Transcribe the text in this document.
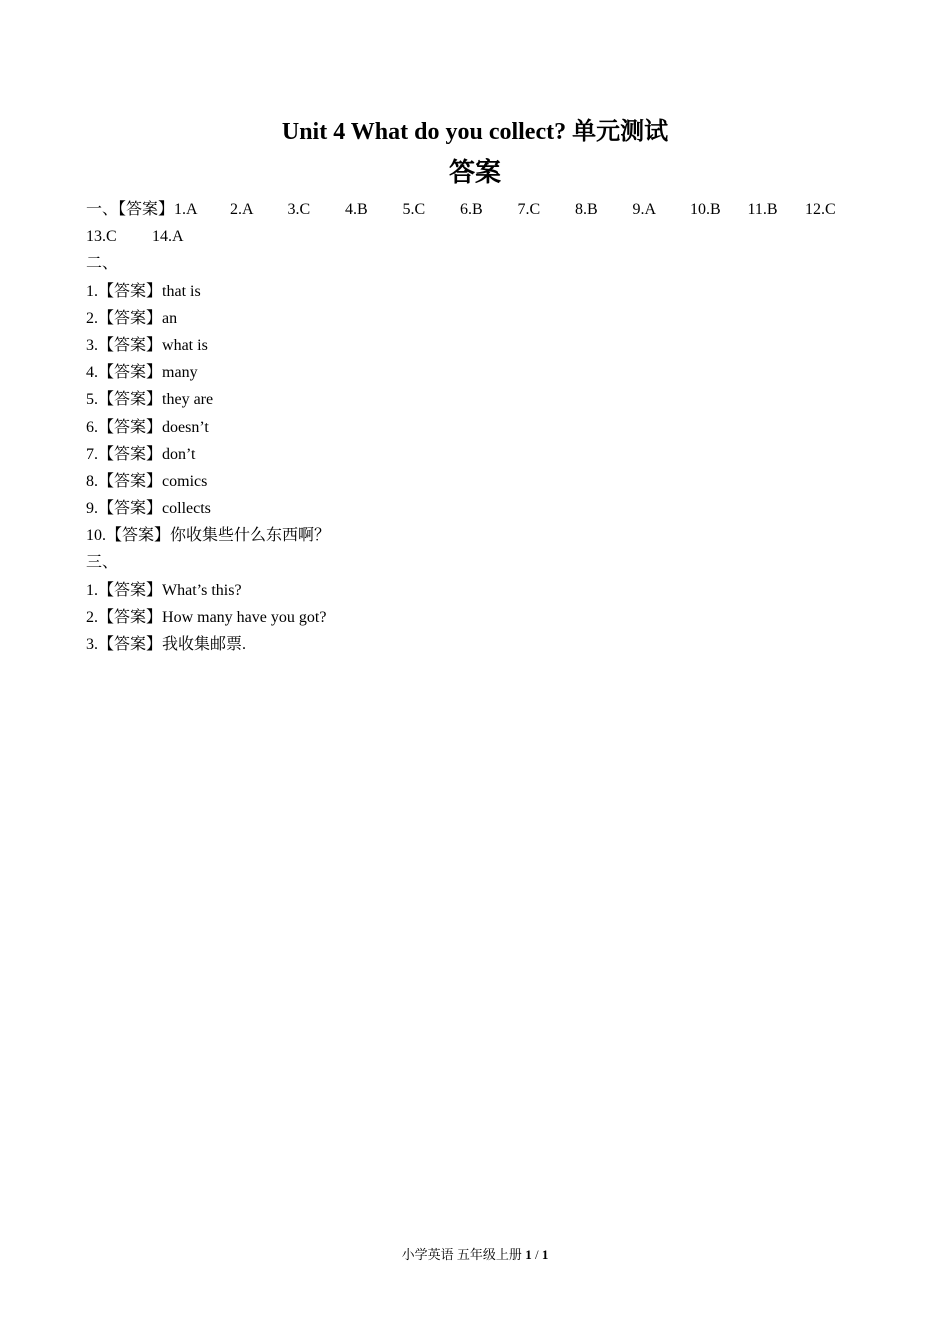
Unit 4 What do you collect? 单元测试
答案
一、【答案】 1.A	2.A	3.C	4.B	5.C	6.B	7.C	8.B	9.A	10.B	11.B	12.C
13.C	14.A
二、
1.【答案】that is
2.【答案】an
3.【答案】what is
4.【答案】many
5.【答案】they are
6.【答案】doesn’t
7.【答案】don’t
8.【答案】comics
9.【答案】collects
10.【答案】你收集些什么东西啊？
三、
1.【答案】What’s this?
2.【答案】How many have you got?
3.【答案】我收集邮票.
小学英语 五年级上册 1 / 1
